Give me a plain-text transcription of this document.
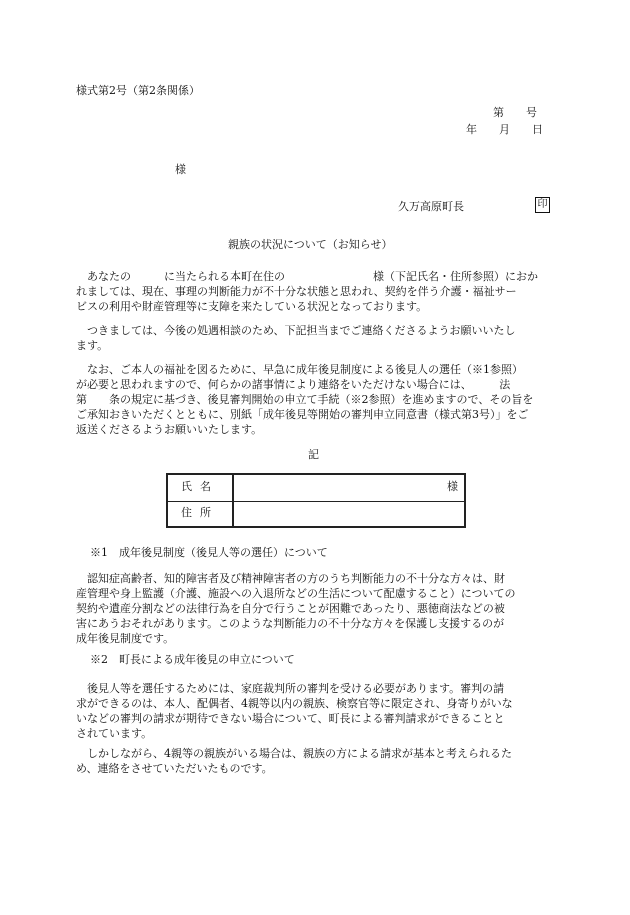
様式第2号（第2条関係）
第　　号
年　　月　　日
様
久万高原町長	印
親族の状況について（お知らせ）
あなたの　　　に当たられる本町在住の　　　　　　　　様（下記氏名・住所参照）におか
れましては、現在、事理の判断能力が不十分な状態と思われ、契約を伴う介護・福祉サー
ビスの利用や財産管理等に支障を来たしている状況となっております。
つきましては、今後の処遇相談のため、下記担当までご連絡くださるようお願いいたし
ます。
なお、ご本人の福祉を図るために、早急に成年後見制度による後見人の選任（※1参照）
が必要と思われますので、何らかの諸事情により連絡をいただけない場合には、　　　法
第　　条の規定に基づき、後見審判開始の申立て手続（※2参照）を進めますので、その旨を
ご承知おきいただくとともに、別紙「成年後見等開始の審判申立同意書（様式第3号）」をご
返送くださるようお願いいたします。
記
氏名	様
住所
※1　成年後見制度（後見人等の選任）について
認知症高齢者、知的障害者及び精神障害者の方のうち判断能力の不十分な方々は、財
産管理や身上監護（介護、施設への入退所などの生活について配慮すること）についての
契約や遺産分割などの法律行為を自分で行うことが困難であったり、悪徳商法などの被
害にあうおそれがあります。このような判断能力の不十分な方々を保護し支援するのが
成年後見制度です。
※2　町長による成年後見の申立について
後見人等を選任するためには、家庭裁判所の審判を受ける必要があります。審判の請
求ができるのは、本人、配偶者、4親等以内の親族、検察官等に限定され、身寄りがいな
いなどの審判の請求が期待できない場合について、町長による審判請求ができることと
されています。
しかしながら、4親等の親族がいる場合は、親族の方による請求が基本と考えられるた
め、連絡をさせていただいたものです。
